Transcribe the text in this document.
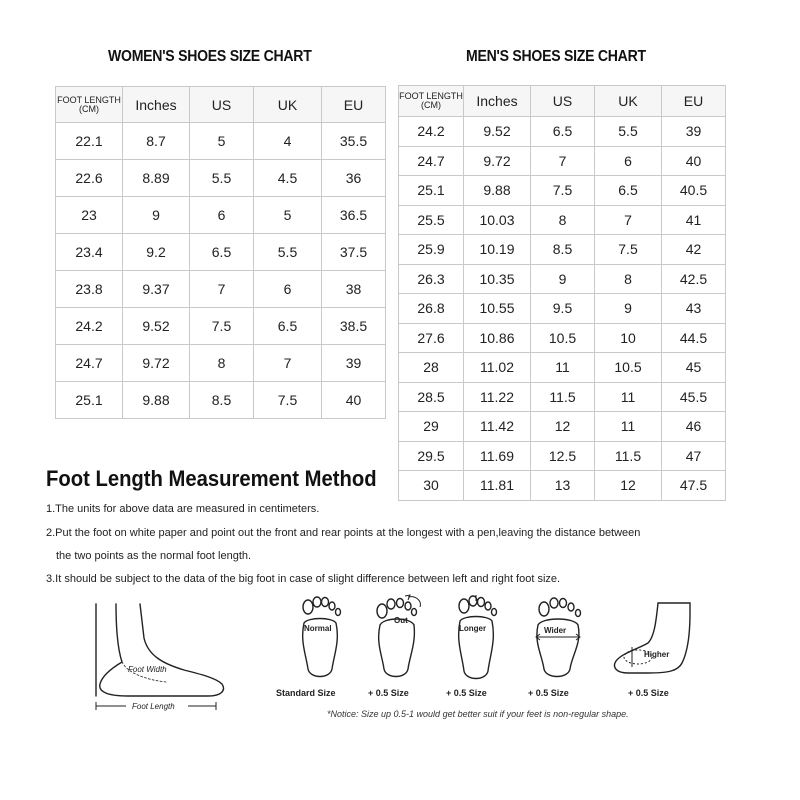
WOMEN'S SHOES SIZE CHART
FOOT LENGTH (CM)	Inches	US	UK	EU
22.1	8.7	5	4	35.5
22.6	8.89	5.5	4.5	36
23	9	6	5	36.5
23.4	9.2	6.5	5.5	37.5
23.8	9.37	7	6	38
24.2	9.52	7.5	6.5	38.5
24.7	9.72	8	7	39
25.1	9.88	8.5	7.5	40
MEN'S SHOES SIZE CHART
FOOT LENGTH (CM)	Inches	US	UK	EU
24.2	9.52	6.5	5.5	39
24.7	9.72	7	6	40
25.1	9.88	7.5	6.5	40.5
25.5	10.03	8	7	41
25.9	10.19	8.5	7.5	42
26.3	10.35	9	8	42.5
26.8	10.55	9.5	9	43
27.6	10.86	10.5	10	44.5
28	11.02	11	10.5	45
28.5	11.22	11.5	11	45.5
29	11.42	12	11	46
29.5	11.69	12.5	11.5	47
30	11.81	13	12	47.5
Foot Length Measurement Method
1.The units for above data are measured in centimeters.
2.Put the foot on white paper and point out the front and rear points at the longest with a pen,leaving the distance between
the two points as the normal foot length.
3.It should be subject to the data of the big foot in case of slight difference between left and right foot size.
Foot Width
Foot Length
Normal
Standard Size
Out
+ 0.5 Size
Longer
+ 0.5 Size
Wider
+ 0.5 Size
Higher
+ 0.5 Size
*Notice: Size up 0.5-1 would get better suit if your feet is non-regular shape.
